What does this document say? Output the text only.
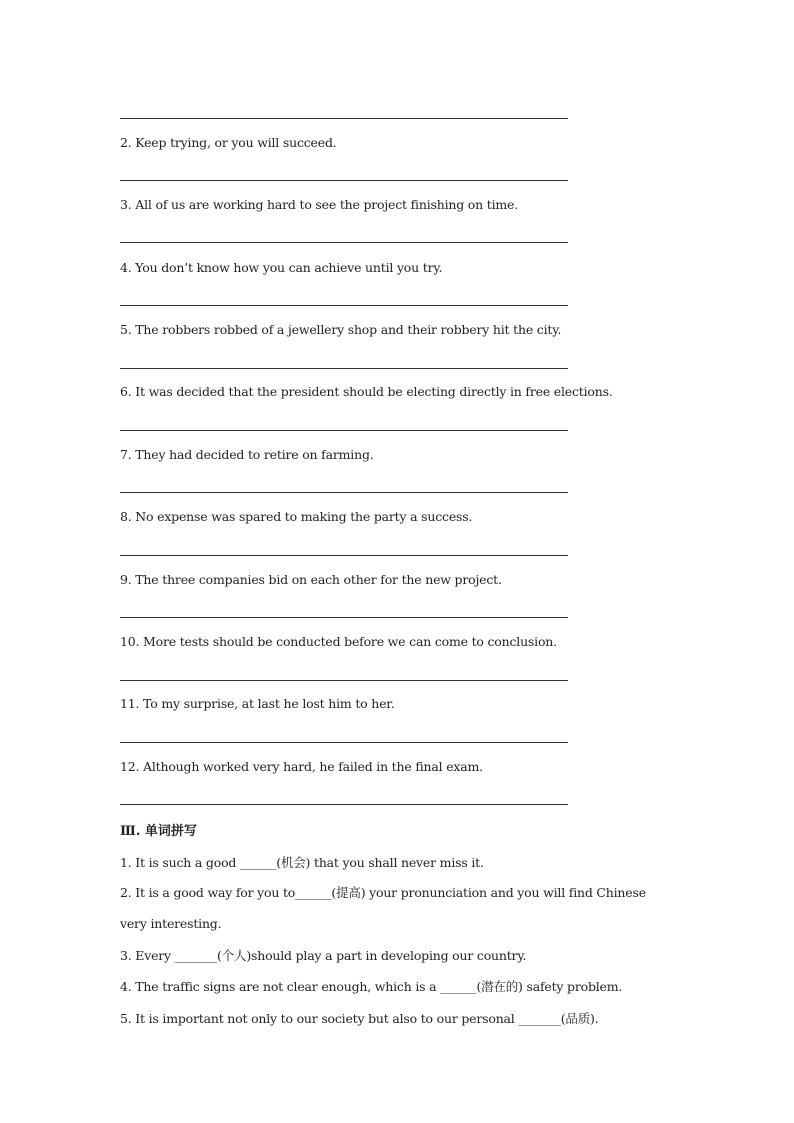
2. Keep trying, or you will succeed.
3. All of us are working hard to see the project finishing on time.
4. You don’t know how you can achieve until you try.
5. The robbers robbed of a jewellery shop and their robbery hit the city.
6. It was decided that the president should be electing directly in free elections.
7. They had decided to retire on farming.
8. No expense was spared to making the party a success.
9. The three companies bid on each other for the new project.
10. More tests should be conducted before we can come to conclusion.
11. To my surprise, at last he lost him to her.
12. Although worked very hard, he failed in the final exam.
Ⅲ. 单词拼写
1. It is such a good ______(机会) that you shall never miss it.
2. It is a good way for you to______(提高) your pronunciation and you will find Chinese very interesting.
3. Every _______(个人)should play a part in developing our country.
4. The traffic signs are not clear enough, which is a ______(潜在的) safety problem.
5. It is important not only to our society but also to our personal _______(品质).
